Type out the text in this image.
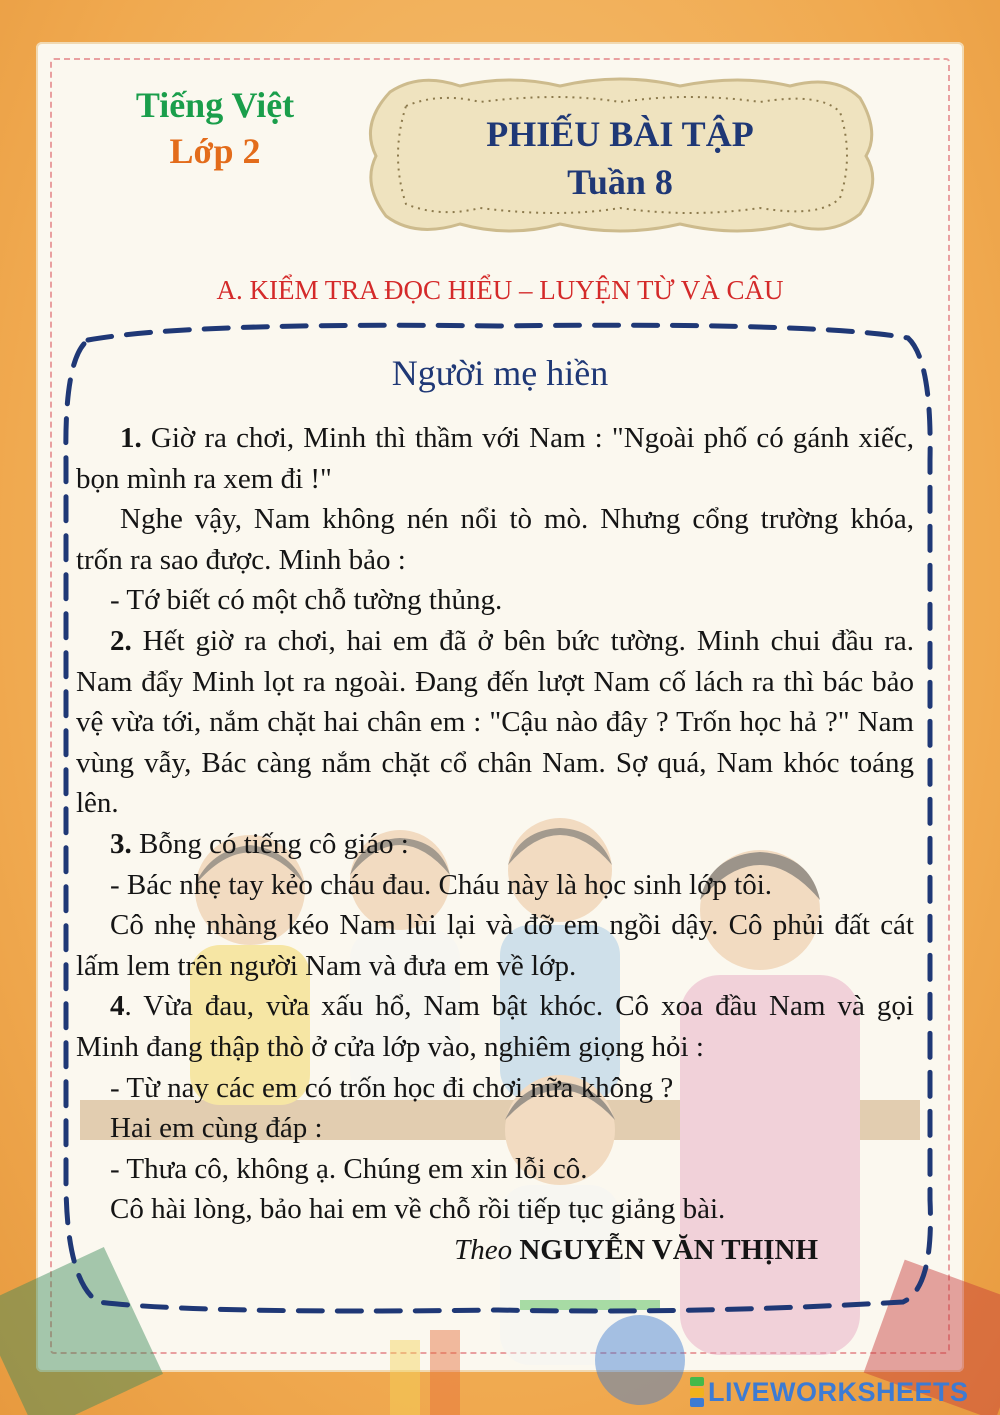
Tiếng Việt
Lớp 2	PHIẾU BÀI TẬP
Tuần 8
A. KIỂM TRA ĐỌC HIỂU – LUYỆN TỪ VÀ CÂU
Người mẹ hiền

1. Giờ ra chơi, Minh thì thầm với Nam : "Ngoài phố có gánh xiếc, bọn mình ra xem đi !"

Nghe vậy, Nam không nén nổi tò mò. Nhưng cổng trường khóa, trốn ra sao được. Minh bảo :

- Tớ biết có một chỗ tường thủng.

2. Hết giờ ra chơi, hai em đã ở bên bức tường. Minh chui đầu ra. Nam đẩy Minh lọt ra ngoài. Đang đến lượt Nam cố lách ra thì bác bảo vệ vừa tới, nắm chặt hai chân em : "Cậu nào đây ? Trốn học hả ?" Nam vùng vẫy, Bác càng nắm chặt cổ chân Nam. Sợ quá, Nam khóc toáng lên.

3. Bỗng có tiếng cô giáo :

- Bác nhẹ tay kẻo cháu đau. Cháu này là học sinh lớp tôi.

Cô nhẹ nhàng kéo Nam lùi lại và đỡ em ngồi dậy. Cô phủi đất cát lấm lem trên người Nam và đưa em về lớp.

4. Vừa đau, vừa xấu hổ, Nam bật khóc. Cô xoa đầu Nam và gọi Minh đang thập thò ở cửa lớp vào, nghiêm giọng hỏi :

- Từ nay các em có trốn học đi chơi nữa không ?

Hai em cùng đáp :

- Thưa cô, không ạ. Chúng em xin lỗi cô.

Cô hài lòng, bảo hai em về chỗ rồi tiếp tục giảng bài.

Theo NGUYỄN VĂN THỊNH

LIVEWORKSHEETS
